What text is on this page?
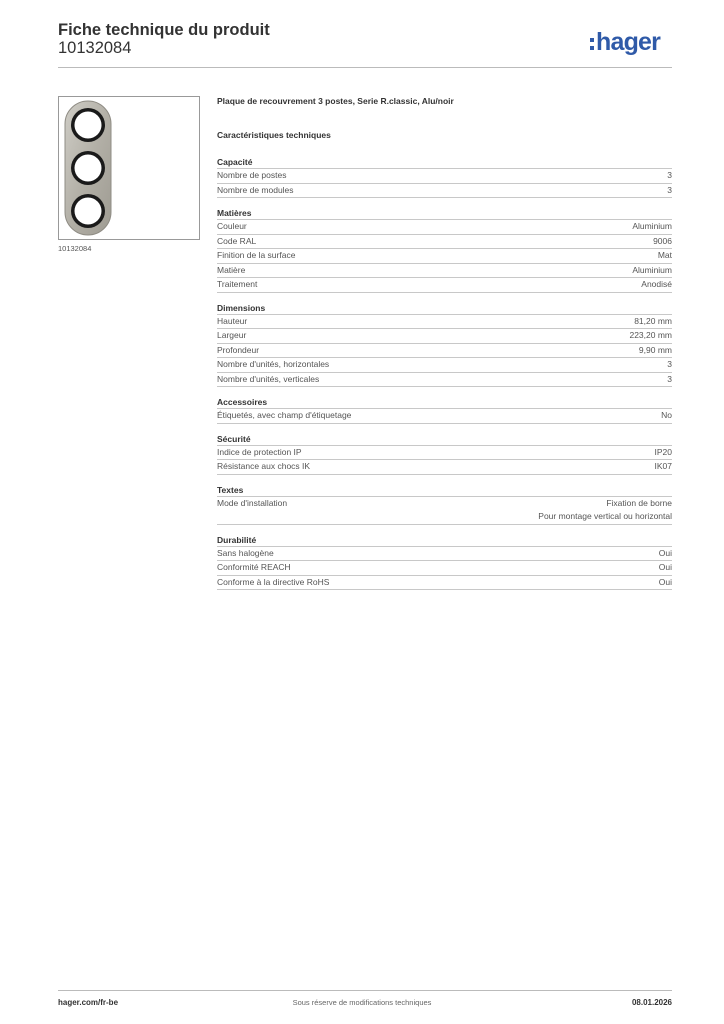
Fiche technique du produit
10132084	hager
10132084
Plaque de recouvrement 3 postes, Serie R.classic, Alu/noir
Caractéristiques techniques
Capacité
Nombre de postes	3
Nombre de modules	3
Matières
Couleur	Aluminium
Code RAL	9006
Finition de la surface	Mat
Matière	Aluminium
Traitement	Anodisé
Dimensions
Hauteur	81,20 mm
Largeur	223,20 mm
Profondeur	9,90 mm
Nombre d'unités, horizontales	3
Nombre d'unités, verticales	3
Accessoires
Étiquetés, avec champ d'étiquetage	No
Sécurité
Indice de protection IP	IP20
Résistance aux chocs IK	IK07
Textes
Mode d'installation	Fixation de borne
Pour montage vertical ou horizontal
Durabilité
Sans halogène	Oui
Conformité REACH	Oui
Conforme à la directive RoHS	Oui
hager.com/fr-be	Sous réserve de modifications techniques	08.01.2026
